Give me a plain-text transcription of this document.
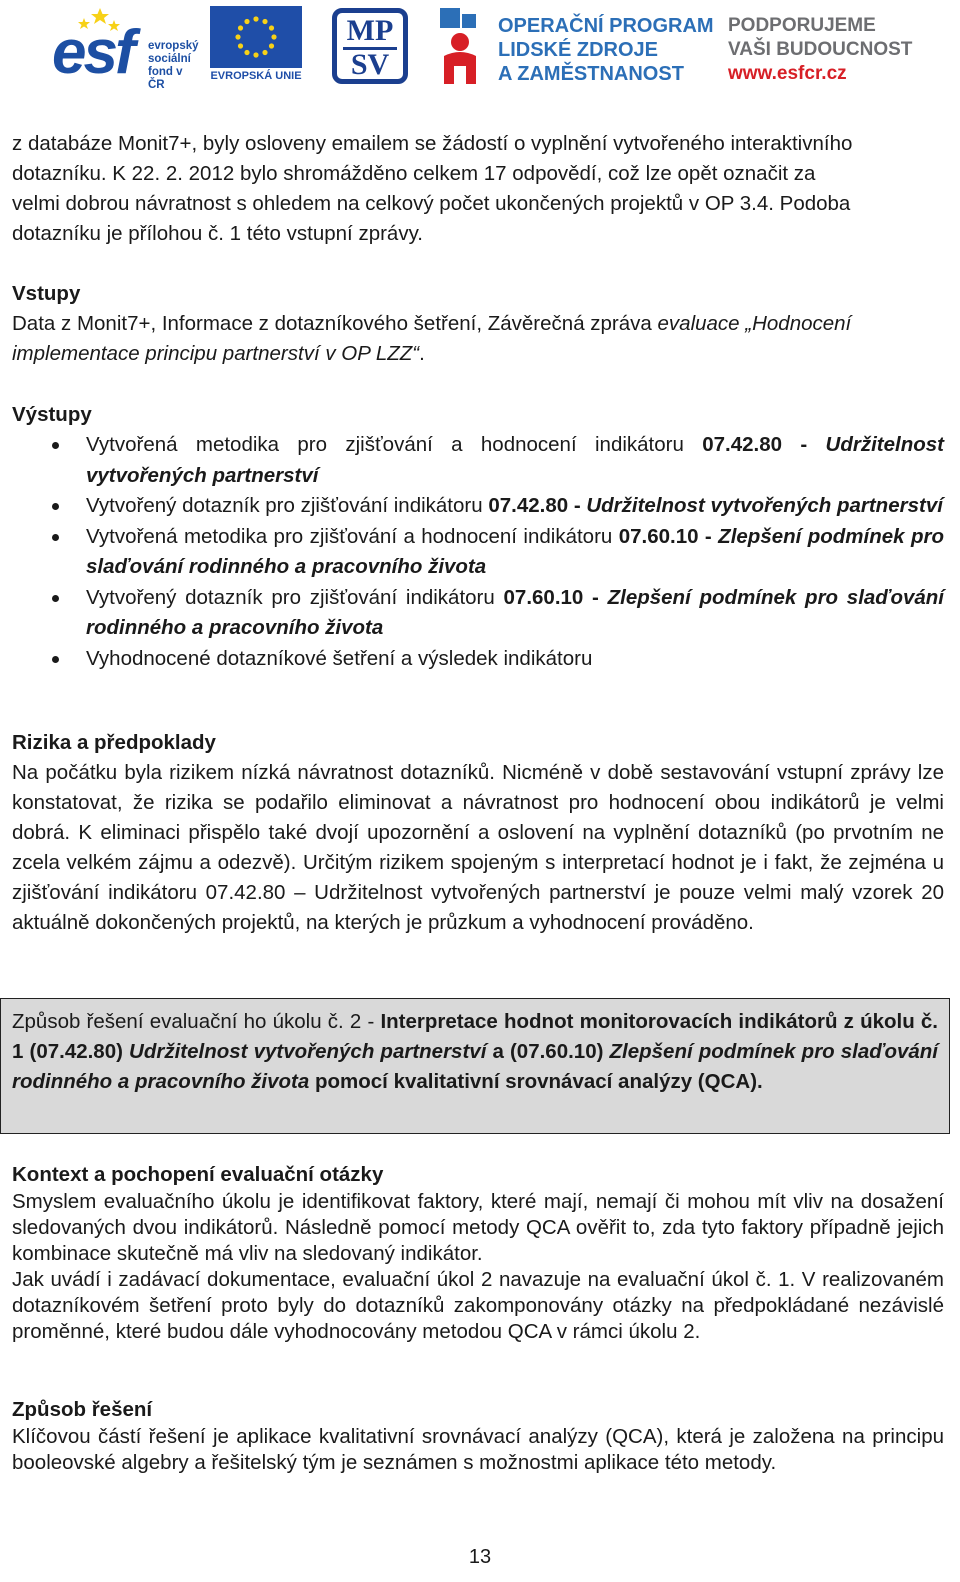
esf evropský
sociální
fond v ČR
EVROPSKÁ UNIE
MP
SV
OPERAČNÍ PROGRAM
LIDSKÉ ZDROJE
A ZAMĚSTNANOST
PODPORUJEME
VAŠI BUDOUCNOST
www.esfcr.cz
z databáze Monit7+, byly osloveny emailem se žádostí o vyplnění vytvořeného interaktivního
dotazníku. K 22. 2. 2012 bylo shromážděno celkem 17 odpovědí, což lze opět označit za
velmi dobrou návratnost s ohledem na celkový počet ukončených projektů v OP 3.4. Podoba
dotazníku je přílohou č. 1 této vstupní zprávy.
Vstupy
Data z Monit7+, Informace z dotazníkového šetření, Závěrečná zpráva evaluace „Hodnocení implementace principu partnerství v OP LZZ“.
Výstupy
Vytvořená metodika pro zjišťování a hodnocení indikátoru 07.42.80 - Udržitelnost vytvořených partnerství
Vytvořený dotazník pro zjišťování indikátoru 07.42.80 - Udržitelnost vytvořených partnerství
Vytvořená metodika pro zjišťování a hodnocení indikátoru 07.60.10 - Zlepšení podmínek pro slaďování rodinného a pracovního života
Vytvořený dotazník pro zjišťování indikátoru 07.60.10 - Zlepšení podmínek pro slaďování rodinného a pracovního života
Vyhodnocené dotazníkové šetření a výsledek indikátoru
Rizika a předpoklady
Na počátku byla rizikem nízká návratnost dotazníků. Nicméně v době sestavování vstupní zprávy lze konstatovat, že rizika se podařilo eliminovat a návratnost pro hodnocení obou indikátorů je velmi dobrá. K eliminaci přispělo také dvojí upozornění a oslovení na vyplnění dotazníků (po prvotním ne zcela velkém zájmu a odezvě). Určitým rizikem spojeným s interpretací hodnot je i fakt, že zejména u zjišťování indikátoru 07.42.80 – Udržitelnost vytvořených partnerství je pouze velmi malý vzorek 20 aktuálně dokončených projektů, na kterých je průzkum a vyhodnocení prováděno.
Způsob řešení evaluační ho úkolu č. 2 - Interpretace hodnot monitorovacích indikátorů z úkolu č. 1 (07.42.80) Udržitelnost vytvořených partnerství a (07.60.10) Zlepšení podmínek pro slaďování rodinného a pracovního života pomocí kvalitativní srovnávací analýzy (QCA).
Kontext a pochopení evaluační otázky
Smyslem evaluačního úkolu je identifikovat faktory, které mají, nemají či mohou mít vliv na dosažení sledovaných dvou indikátorů. Následně pomocí metody QCA ověřit to, zda tyto faktory případně jejich kombinace skutečně má vliv na sledovaný indikátor.
Jak uvádí i zadávací dokumentace, evaluační úkol 2 navazuje na evaluační úkol č. 1. V realizovaném dotazníkovém šetření proto byly do dotazníků zakomponovány otázky na předpokládané nezávislé proměnné, které budou dále vyhodnocovány metodou QCA v rámci úkolu 2.
Způsob řešení
Klíčovou částí řešení je aplikace kvalitativní srovnávací analýzy (QCA), která je založena na principu booleovské algebry a řešitelský tým je seznámen s možnostmi aplikace této metody.
13
